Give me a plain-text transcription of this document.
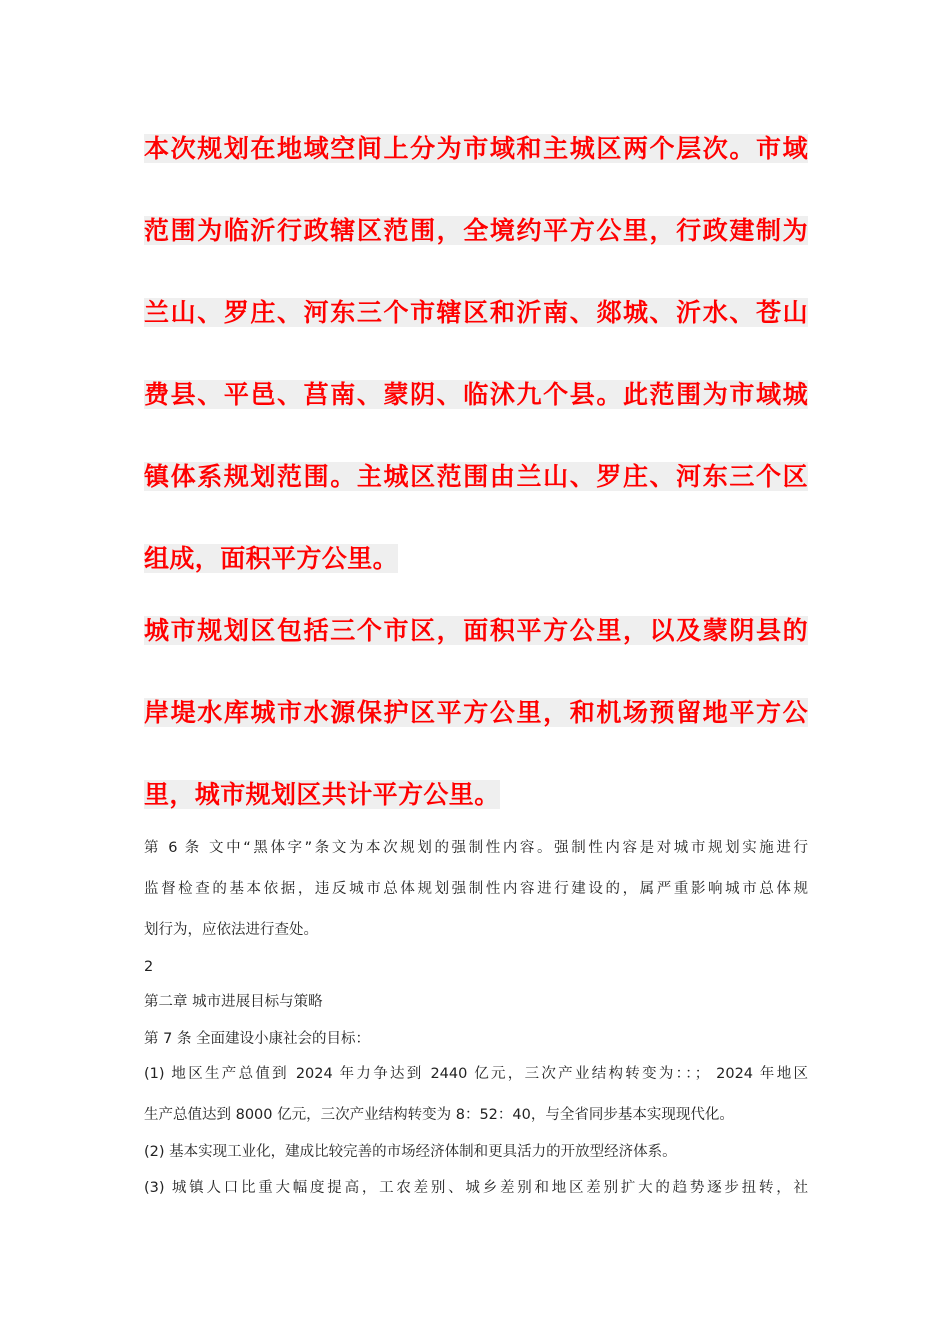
本次规划在地域空间上分为市域和主城区两个层次。市域
范围为临沂行政辖区范围，全境约平方公里，行政建制为
兰山、罗庄、河东三个市辖区和沂南、郯城、沂水、苍山
费县、平邑、莒南、蒙阴、临沭九个县。此范围为市域城
镇体系规划范围。主城区范围由兰山、罗庄、河东三个区
组成，面积平方公里。
城市规划区包括三个市区，面积平方公里，以及蒙阴县的
岸堤水库城市水源保护区平方公里，和机场预留地平方公
里，城市规划区共计平方公里。
第 6 条 文中“黑体字”条文为本次规划的强制性内容。强制性内容是对城市规划实施进行
监督检查的基本依据，违反城市总体规划强制性内容进行建设的，属严重影响城市总体规
划行为，应依法进行查处。
2
第二章 城市进展目标与策略
第 7 条 全面建设小康社会的目标：
(1) 地区生产总值到 2024 年力争达到 2440 亿元，三次产业结构转变为：：； 2024 年地区
生产总值达到 8000 亿元，三次产业结构转变为 8：52：40，与全省同步基本实现现代化。
(2) 基本实现工业化，建成比较完善的市场经济体制和更具活力的开放型经济体系。
(3) 城镇人口比重大幅度提高，工农差别、城乡差别和地区差别扩大的趋势逐步扭转，社
